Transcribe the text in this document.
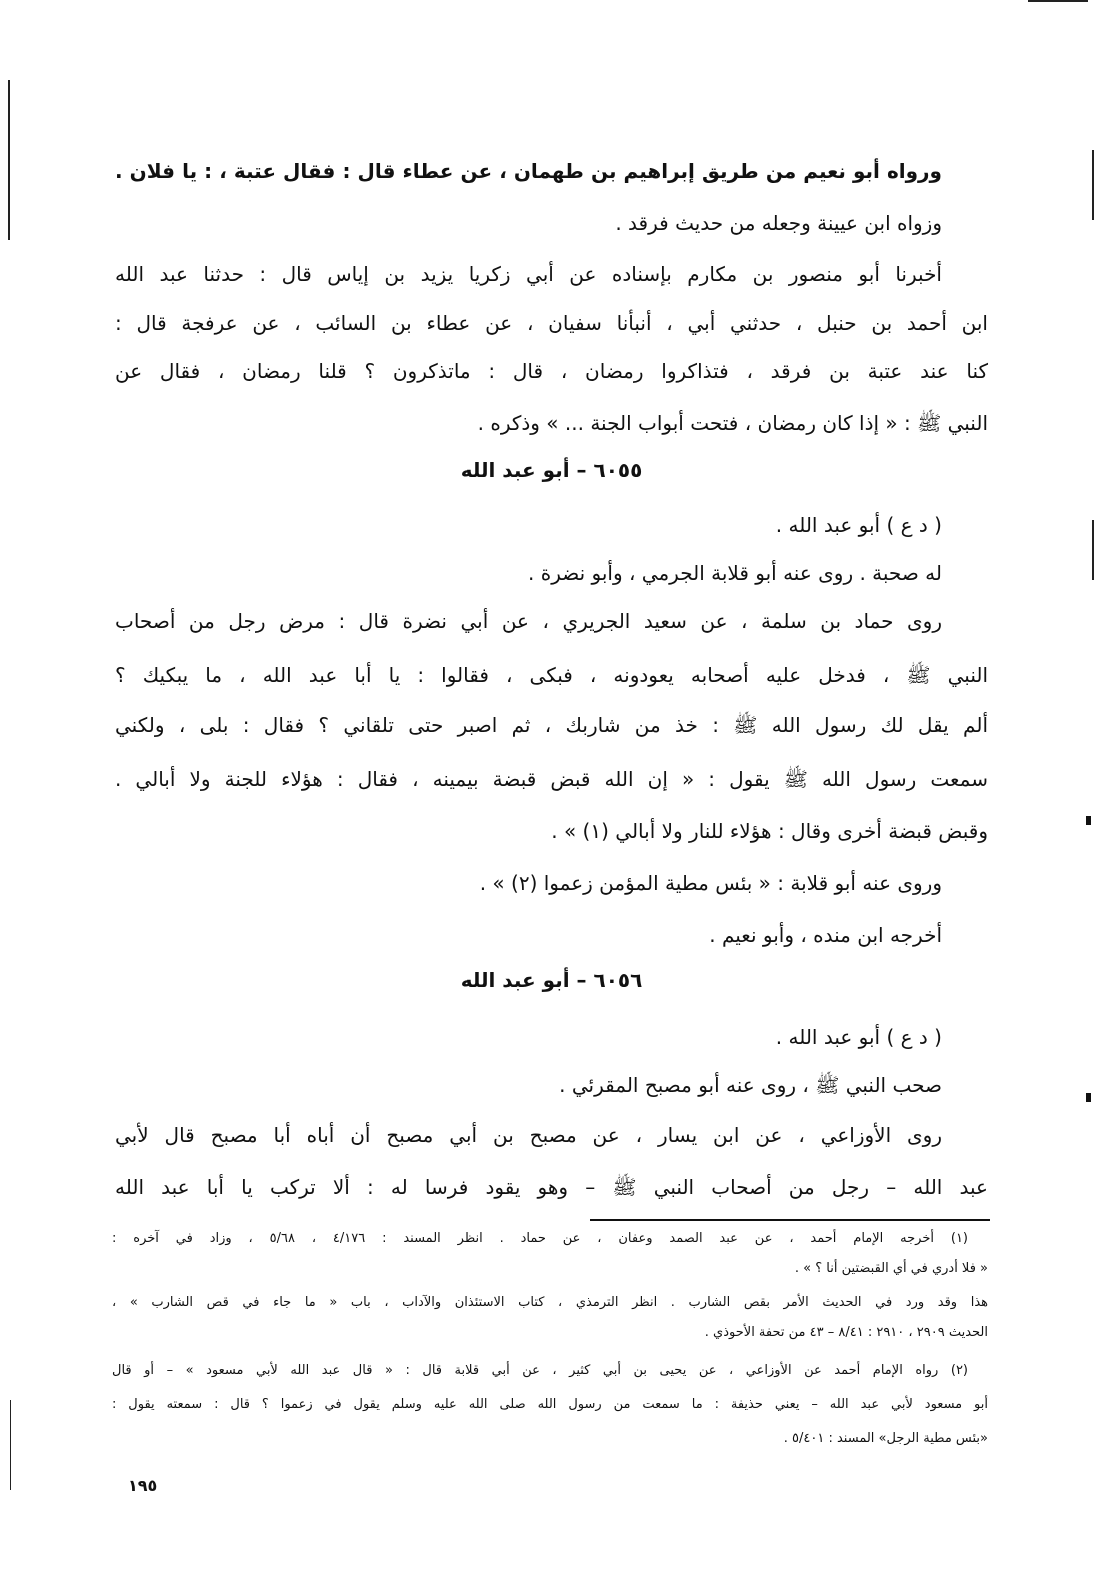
ورواه أبو نعيم من طريق إبراهيم بن طهمان ، عن عطاء قال : فقال عتبة ، : يا فلان .
وزواه ابن عيينة وجعله من حديث فرقد .
أخبرنا أبو منصور بن مكارم بإسناده عن أبي زكريا يزيد بن إياس قال : حدثنا عبد الله
ابن أحمد بن حنبل ، حدثني أبي ، أنبأنا سفيان ، عن عطاء بن السائب ، عن عرفجة قال :
كنا عند عتبة بن فرقد ، فتذاكروا رمضان ، قال : ماتذكرون ؟ قلنا رمضان ، فقال عن
النبي ﷺ : « إذا كان رمضان ، فتحت أبواب الجنة ... » وذكره .
٦٠٥٥ – أبو عبد الله
( د ع ) أبو عبد الله .
له صحبة . روى عنه أبو قلابة الجرمي ، وأبو نضرة .
روى حماد بن سلمة ، عن سعيد الجريري ، عن أبي نضرة قال : مرض رجل من أصحاب
النبي ﷺ ، فدخل عليه أصحابه يعودونه ، فبكى ، فقالوا : يا أبا عبد الله ، ما يبكيك ؟
ألم يقل لك رسول الله ﷺ : خذ من شاربك ، ثم اصبر حتى تلقاني ؟ فقال : بلى ، ولكني
سمعت رسول الله ﷺ يقول : « إن الله قبض قبضة بيمينه ، فقال : هؤلاء للجنة ولا أبالي .
وقبض قبضة أخرى وقال : هؤلاء للنار ولا أبالي (١) » .
وروى عنه أبو قلابة : « بئس مطية المؤمن زعموا (٢) » .
أخرجه ابن منده ، وأبو نعيم .
٦٠٥٦ – أبو عبد الله
( د ع ) أبو عبد الله .
صحب النبي ﷺ ، روى عنه أبو مصبح المقرئي .
روى الأوزاعي ، عن ابن يسار ، عن مصبح بن أبي مصبح أن أباه أبا مصبح قال لأبي
عبد الله – رجل من أصحاب النبي ﷺ – وهو يقود فرسا له : ألا تركب يا أبا عبد الله
(١) أخرجه الإمام أحمد ، عن عبد الصمد وعفان ، عن حماد . انظر المسند : ٤/١٧٦ ، ٥/٦٨ ، وزاد في آخره :
« فلا أدري في أي القبضتين أنا ؟ » .
هذا وقد ورد في الحديث الأمر بقص الشارب . انظر الترمذي ، كتاب الاستئذان والآداب ، باب « ما جاء في قص الشارب » ،
الحديث ٢٩٠٩ ، ٢٩١٠ : ٨/٤١ – ٤٣ من تحفة الأحوذي .
(٢) رواه الإمام أحمد عن الأوزاعي ، عن يحيى بن أبي كثير ، عن أبي قلابة قال : « قال عبد الله لأبي مسعود » – أو قال
أبو مسعود لأبي عبد الله – يعني حذيفة : ما سمعت من رسول الله صلى الله عليه وسلم يقول في زعموا ؟ قال : سمعته يقول :
«بئس مطية الرجل» المسند : ٥/٤٠١ .
١٩٥
